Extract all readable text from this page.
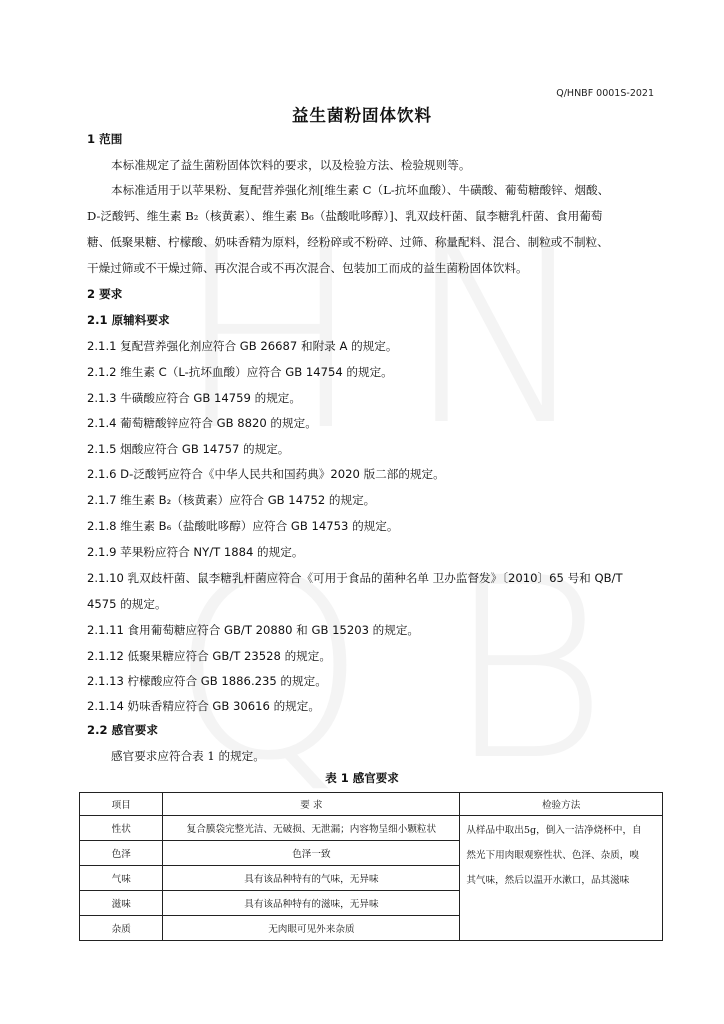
Q/HNBF 0001S-2021
益生菌粉固体饮料
1 范围
本标准规定了益生菌粉固体饮料的要求，以及检验方法、检验规则等。
本标准适用于以苹果粉、复配营养强化剂[维生素 C（L-抗坏血酸）、牛磺酸、葡萄糖酸锌、烟酸、
D-泛酸钙、维生素 B₂（核黄素）、维生素 B₆（盐酸吡哆醇）]、乳双歧杆菌、鼠李糖乳杆菌、食用葡萄
糖、低聚果糖、柠檬酸、奶味香精为原料，经粉碎或不粉碎、过筛、称量配料、混合、制粒或不制粒、
干燥过筛或不干燥过筛、再次混合或不再次混合、包装加工而成的益生菌粉固体饮料。
2 要求
2.1 原辅料要求
2.1.1 复配营养强化剂应符合 GB 26687 和附录 A 的规定。
2.1.2 维生素 C（L-抗坏血酸）应符合 GB 14754 的规定。
2.1.3 牛磺酸应符合 GB 14759 的规定。
2.1.4 葡萄糖酸锌应符合 GB 8820 的规定。
2.1.5 烟酸应符合 GB 14757 的规定。
2.1.6 D-泛酸钙应符合《中华人民共和国药典》2020 版二部的规定。
2.1.7 维生素 B₂（核黄素）应符合 GB 14752 的规定。
2.1.8 维生素 B₆（盐酸吡哆醇）应符合 GB 14753 的规定。
2.1.9 苹果粉应符合 NY/T 1884 的规定。
2.1.10 乳双歧杆菌、鼠李糖乳杆菌应符合《可用于食品的菌种名单 卫办监督发》〔2010〕65 号和 QB/T
4575 的规定。
2.1.11 食用葡萄糖应符合 GB/T 20880 和 GB 15203 的规定。
2.1.12 低聚果糖应符合 GB/T 23528 的规定。
2.1.13 柠檬酸应符合 GB 1886.235 的规定。
2.1.14 奶味香精应符合 GB 30616 的规定。
2.2 感官要求
感官要求应符合表 1 的规定。
表 1 感官要求
项目	要 求	检验方法
性状	复合膜袋完整光洁、无破损、无泄漏；内容物呈细小颗粒状	从样品中取出5g，倒入一洁净烧杯中，自
然光下用肉眼观察性状、色泽、杂质，嗅
其气味，然后以温开水漱口，品其滋味

色泽	色泽一致	
气味	具有该品种特有的气味，无异味	
滋味	具有该品种特有的滋味，无异味	
杂质	无肉眼可见外来杂质	
